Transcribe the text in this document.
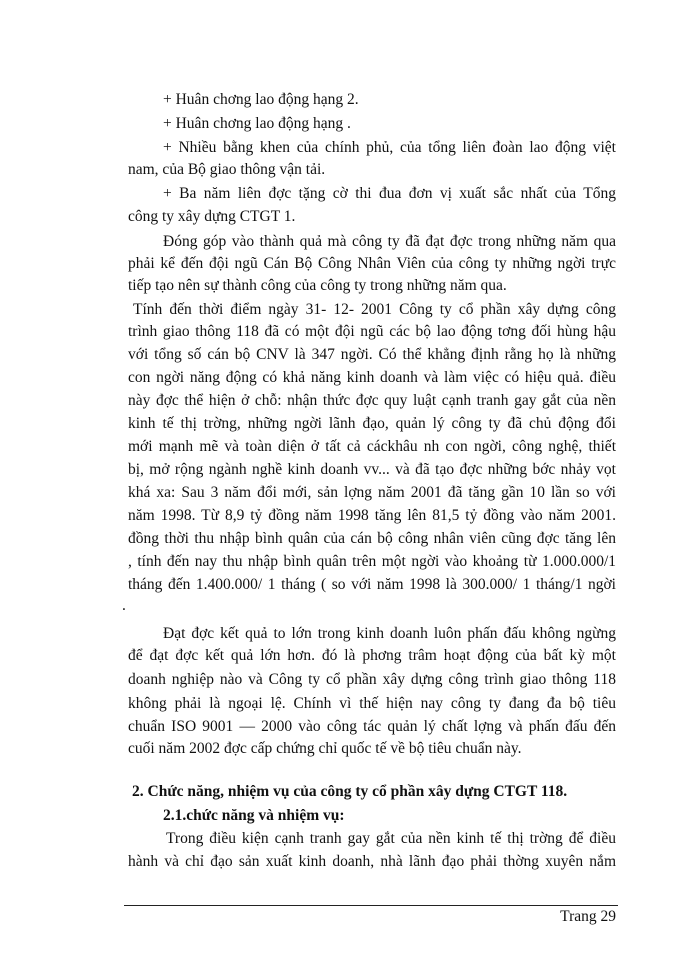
+ Huân chơng lao động hạng 2.
+ Huân chơng lao động hạng .
+ Nhiều bằng khen của chính phủ, của tổng liên đoàn lao động việt
nam, của Bộ giao thông vận tải.
+ Ba năm liên đợc tặng cờ thi đua đơn vị xuất sắc nhất của Tổng
công ty xây dựng CTGT 1.
Đóng góp vào thành quả mà công ty đã đạt đợc trong những năm qua
phải kể đến đội ngũ Cán Bộ Công Nhân Viên của công ty những ngời trực
tiếp tạo nên sự thành công của công ty trong những năm qua.
Tính đến thời điểm ngày 31- 12- 2001 Công ty cổ phần xây dựng công
trình giao thông 118 đã có một đội ngũ các bộ lao động tơng đối hùng hậu
với tổng số cán bộ CNV là 347 ngời. Có thể khẳng định rằng họ là những
con ngời năng động có khả năng kinh doanh và làm việc có hiệu quả. điều
này đợc thể hiện ở chỗ: nhận thức đợc quy luật cạnh tranh gay gắt của nền
kinh tế thị trờng, những ngời lãnh đạo, quản lý công ty đã chủ động đổi
mới mạnh mẽ và toàn diện ở tất cả cáckhâu nh con ngời, công nghệ, thiết
bị, mở rộng ngành nghề kinh doanh vv... và đã tạo đợc những bớc nhảy vọt
khá xa: Sau 3 năm đổi mới, sản lợng năm 2001 đã tăng gần 10 lần so với
năm 1998. Từ 8,9 tỷ đồng năm 1998 tăng lên 81,5 tỷ đồng vào năm 2001.
đồng thời thu nhập bình quân của cán bộ công nhân viên cũng đợc tăng lên
, tính đến nay thu nhập bình quân trên một ngời vào khoảng từ 1.000.000/1
tháng đến 1.400.000/ 1 tháng ( so với năm 1998 là 300.000/ 1 tháng/1 ngời
.
Đạt đợc kết quả to lớn trong kinh doanh luôn phấn đấu không ngừng
để đạt đợc kết quả lớn hơn. đó là phơng trâm hoạt động của bất kỳ một
doanh nghiệp nào và Công ty cổ phần xây dựng công trình giao thông 118
không phải là ngoại lệ. Chính vì thế hiện nay công ty đang đa bộ tiêu
chuẩn ISO 9001 — 2000 vào công tác quản lý chất lợng và phấn đấu đến
cuối năm 2002 đợc cấp chứng chỉ quốc tế về bộ tiêu chuẩn này.
2. Chức năng, nhiệm vụ của công ty cổ phần xây dựng CTGT 118.
2.1.chức năng và nhiệm vụ:
Trong điều kiện cạnh tranh gay gắt của nền kinh tế thị trờng để điều
hành và chỉ đạo sản xuất kinh doanh, nhà lãnh đạo phải thờng xuyên nắm
Trang 29
